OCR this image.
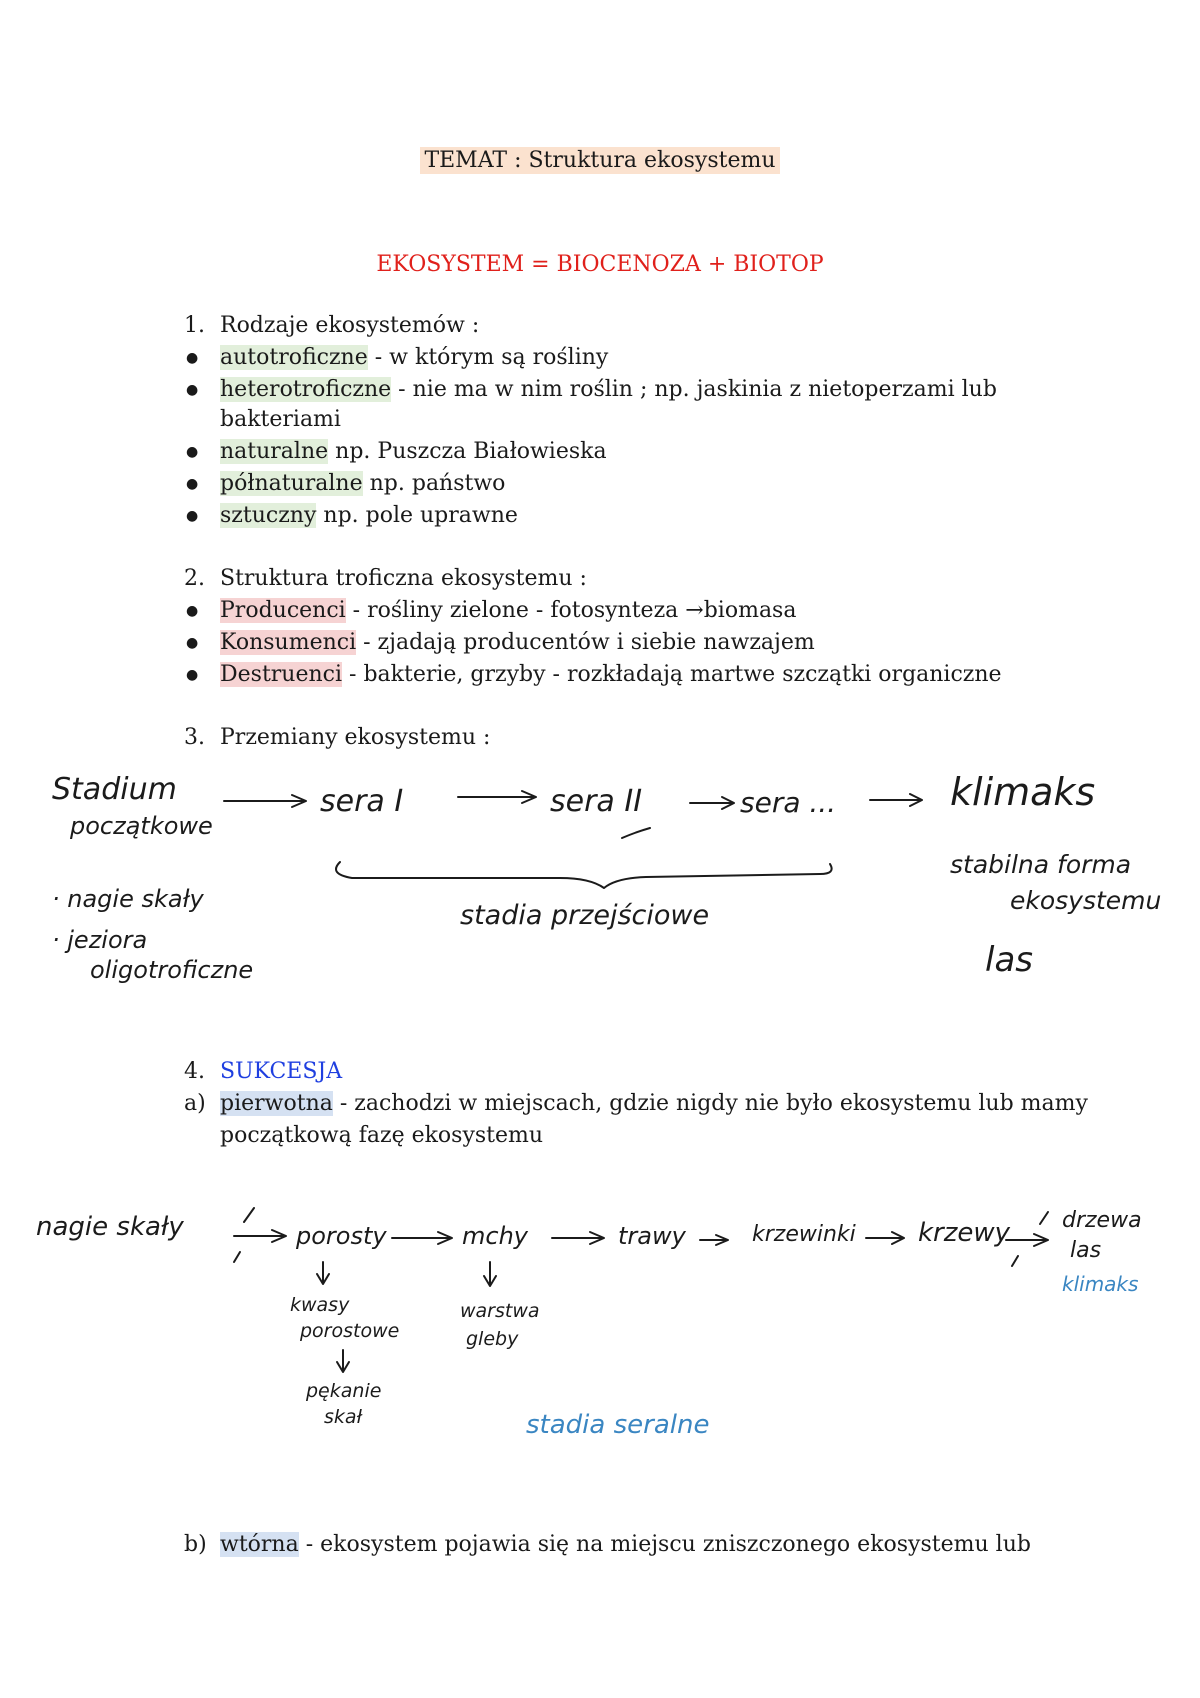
TEMAT : Struktura ekosystemu
EKOSYSTEM = BIOCENOZA + BIOTOP
1. Rodzaje ekosystemów :
● autotroficzne - w którym są rośliny
● heterotroficzne - nie ma w nim roślin ; np. jaskinia z nietoperzami lub
bakteriami
● naturalne np. Puszcza Białowieska
● półnaturalne np. państwo
● sztuczny np. pole uprawne
2. Struktura troficzna ekosystemu :
● Producenci - rośliny zielone - fotosynteza →biomasa
● Konsumenci - zjadają producentów i siebie nawzajem
● Destruenci - bakterie, grzyby - rozkładają martwe szczątki organiczne
3. Przemiany ekosystemu :
Stadium
początkowe
sera I	sera II	sera ...	klimaks
· nagie skały
· jeziora
oligotroficzne
stadia przejściowe
stabilna forma
ekosystemu
las
4. SUKCESJA
a) pierwotna - zachodzi w miejscach, gdzie nigdy nie było ekosystemu lub mamy
początkową fazę ekosystemu
nagie skały	porosty	mchy	trawy	krzewinki krzewy drzewa
las
klimaks
kwasy
porostowe
pękanie
skał
warstwa
gleby
stadia seralne
b) wtórna - ekosystem pojawia się na miejscu zniszczonego ekosystemu lub
